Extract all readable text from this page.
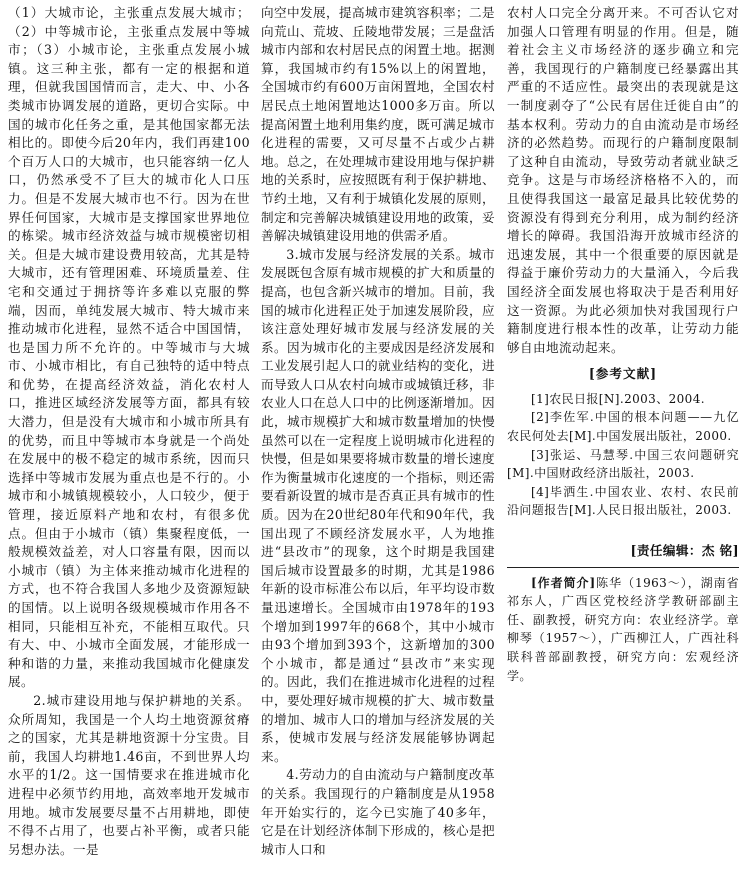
（1）大城市论，主张重点发展大城市；（2）中等城市论，主张重点发展中等城市；（3）小城市论，主张重点发展小城镇。这三种主张，都有一定的根据和道理，但就我国国情而言，走大、中、小各类城市协调发展的道路，更切合实际。中国的城市化任务之重，是其他国家都无法相比的。即使今后20年内，我们再建100个百万人口的大城市，也只能容纳一亿人口，仍然承受不了巨大的城市化人口压力。但是不发展大城市也不行。因为在世界任何国家，大城市是支撑国家世界地位的栋梁。城市经济效益与城市规模密切相关。但是大城市建设费用较高，尤其是特大城市，还有管理困难、环境质量差、住宅和交通过于拥挤等许多难以克服的弊端，因而，单纯发展大城市、特大城市来推动城市化进程，显然不适合中国国情，也是国力所不允许的。中等城市与大城市、小城市相比，有自己独特的适中特点和优势，在提高经济效益，消化农村人口，推进区域经济发展等方面，都具有较大潜力，但是没有大城市和小城市所具有的优势，而且中等城市本身就是一个尚处在发展中的极不稳定的城市系统，因而只选择中等城市发展为重点也是不行的。小城市和小城镇规模较小，人口较少，便于管理，接近原料产地和农村，有很多优点。但由于小城市（镇）集聚程度低，一般规模效益差，对人口容量有限，因而以小城市（镇）为主体来推动城市化进程的方式，也不符合我国人多地少及资源短缺的国情。以上说明各级规模城市作用各不相同，只能相互补充，不能相互取代。只有大、中、小城市全面发展，才能形成一种和谐的力量，来推动我国城市化健康发展。

2.城市建设用地与保护耕地的关系。众所周知，我国是一个人均土地资源贫瘠之的国家，尤其是耕地资源十分宝贵。目前，我国人均耕地1.46亩，不到世界人均水平的1/2。这一国情要求在推进城市化进程中必须节约用地，高效率地开发城市用地。城市发展要尽量不占用耕地，即使不得不占用了，也要占补平衡，或者只能另想办法。一是

向空中发展，提高城市建筑容积率；二是向荒山、荒坡、丘陵地带发展；三是盘活城市内部和农村居民点的闲置土地。据测算，我国城市约有15%以上的闲置地，全国城市约有600万亩闲置地，全国农村居民点土地闲置地达1000多万亩。所以提高闲置土地利用集约度，既可满足城市化进程的需要，又可尽量不占或少占耕地。总之，在处理城市建设用地与保护耕地的关系时，应按照既有利于保护耕地、节约土地，又有利于城镇化发展的原则，制定和完善解决城镇建设用地的政策，妥善解决城镇建设用地的供需矛盾。

3.城市发展与经济发展的关系。城市发展既包含原有城市规模的扩大和质量的提高，也包含新兴城市的增加。目前，我国的城市化进程正处于加速发展阶段，应该注意处理好城市发展与经济发展的关系。因为城市化的主要成因是经济发展和工业发展引起人口的就业结构的变化，进而导致人口从农村向城市或城镇迁移，非农业人口在总人口中的比例逐渐增加。因此，城市规模扩大和城市数量增加的快慢虽然可以在一定程度上说明城市化进程的快慢，但是如果要将城市数量的增长速度作为衡量城市化速度的一个指标，则还需要看新设置的城市是否真正具有城市的性质。因为在20世纪80年代和90年代，我国出现了不顾经济发展水平，人为地推进“县改市”的现象，这个时期是我国建国后城市设置最多的时期，尤其是1986年新的设市标准公布以后，年平均设市数量迅速增长。全国城市由1978年的193个增加到1997年的668个，其中小城市由93个增加到393个，这新增加的300个小城市，都是通过“县改市”来实现的。因此，我们在推进城市化进程的过程中，要处理好城市规模的扩大、城市数量的增加、城市人口的增加与经济发展的关系，使城市发展与经济发展能够协调起来。

4.劳动力的自由流动与户籍制度改革的关系。我国现行的户籍制度是从1958年开始实行的，迄今已实施了40多年，它是在计划经济体制下形成的，核心是把城市人口和

农村人口完全分离开来。不可否认它对加强人口管理有明显的作用。但是，随着社会主义市场经济的逐步确立和完善，我国现行的户籍制度已经暴露出其严重的不适应性。最突出的表现就是这一制度剥夺了“公民有居住迁徙自由”的基本权利。劳动力的自由流动是市场经济的必然趋势。而现行的户籍制度限制了这种自由流动，导致劳动者就业缺乏竞争。这是与市场经济格格不入的，而且使得我国这一最富足最具比较优势的资源没有得到充分利用，成为制约经济增长的障碍。我国沿海开放城市经济的迅速发展，其中一个很重要的原因就是得益于廉价劳动力的大量涌入，今后我国经济全面发展也将取决于是否利用好这一资源。为此必须加快对我国现行户籍制度进行根本性的改革，让劳动力能够自由地流动起来。

[参考文献]

[1]农民日报[N].2003、2004.

[2]李佐军.中国的根本问题——九亿农民何处去[M].中国发展出版社，2000.

[3]张运、马慧琴.中国三农问题研究[M].中国财政经济出版社，2003.

[4]毕洒生.中国农业、农村、农民前沿问题报告[M].人民日报出版社，2003.

[责任编辑：杰 铭]

[作者简介]陈华（1963～），湖南省祁东人，广西区党校经济学教研部副主任、副教授，研究方向：农业经济学。章柳琴（1957～），广西柳江人，广西社科联科普部副教授，研究方向：宏观经济学。
